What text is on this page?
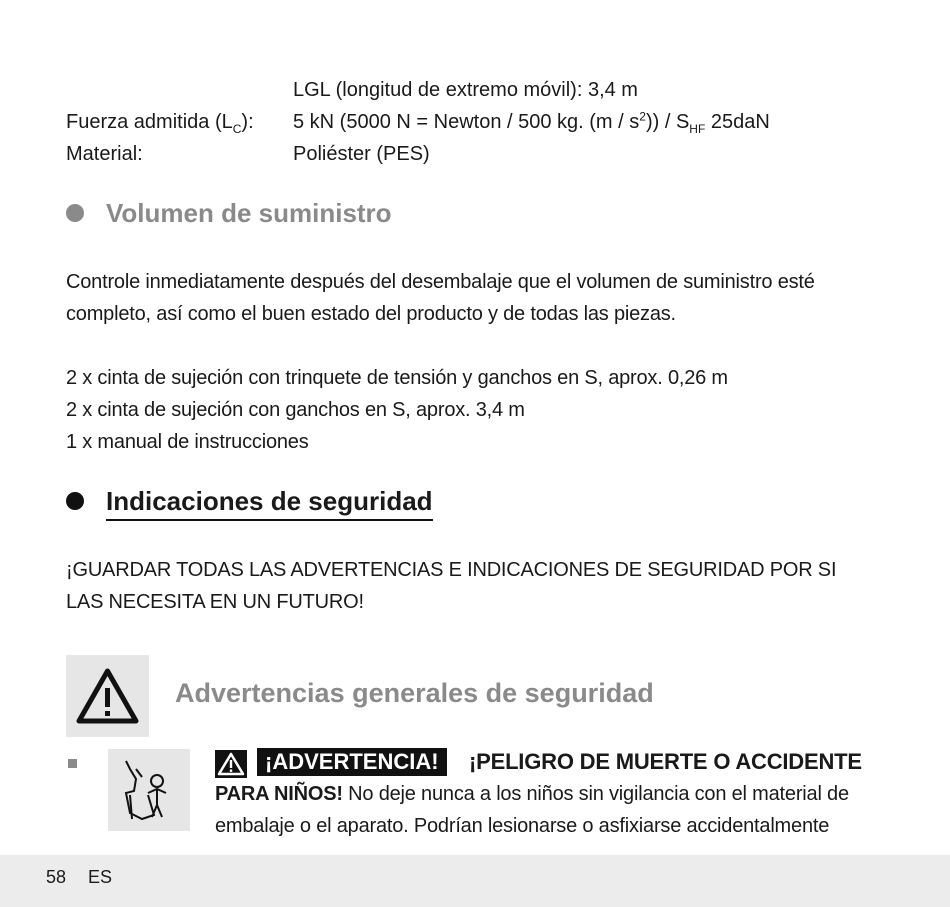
LGL (longitud de extremo móvil): 3,4 m
Fuerza admitida $(L_C)$: 5 kN (5000 N = Newton / 500 kg. $(m / s^2)) / S_{HF}$ 25daN
Material:	Poliéster (PES)
Volumen de suministro
Controle inmediatamente después del desembalaje que el volumen de suministro esté
completo, así como el buen estado del producto y de todas las piezas.
2 x cinta de sujeción con trinquete de tensión y ganchos en S, aprox. 0,26 m
2 x cinta de sujeción con ganchos en S, aprox. 3,4 m
1 x manual de instrucciones
Indicaciones de seguridad
¡GUARDAR TODAS LAS ADVERTENCIAS E INDICACIONES DE SEGURIDAD POR SI
LAS NECESITA EN UN FUTURO!
Advertencias generales de seguridad
¡ADVERTENCIA!	¡PELIGRO DE MUERTE O ACCIDENTE
PARA NIÑOS! No deje nunca a los niños sin vigilancia con el material de
embalaje o el aparato. Podrían lesionarse o asfixiarse accidentalmente
58 ES
